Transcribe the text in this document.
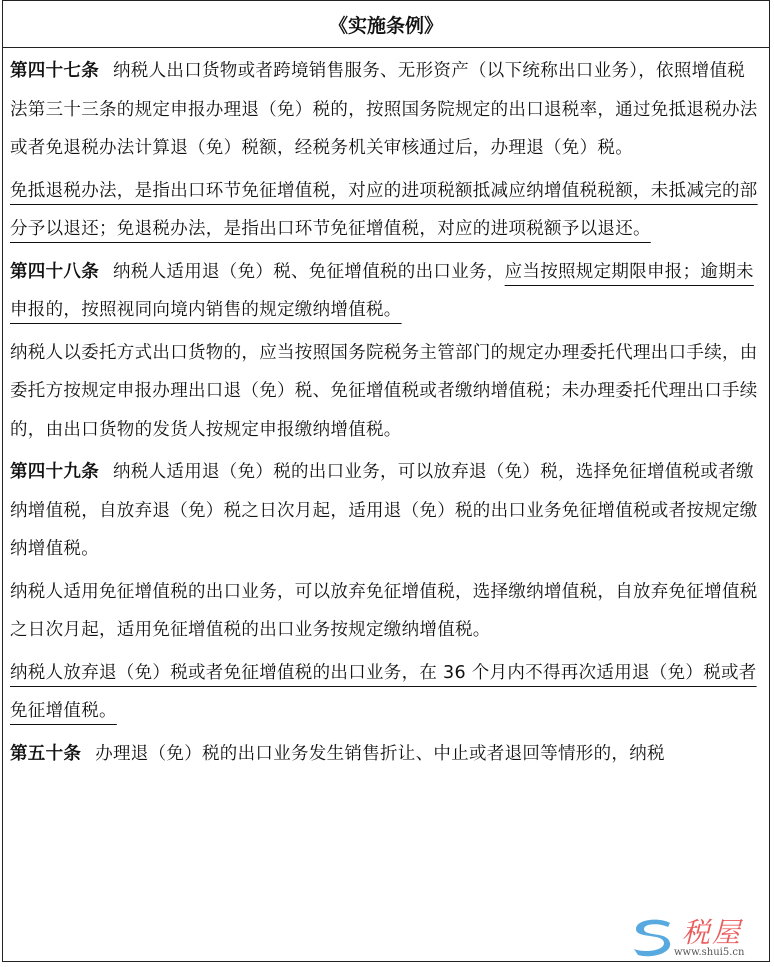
《实施条例》

第四十七条 纳税人出口货物或者跨境销售服务、无形资产（以下统称出口业务），依照增值税法第三十三条的规定申报办理退（免）税的，按照国务院规定的出口退税率，通过免抵退税办法或者免退税办法计算退（免）税额，经税务机关审核通过后，办理退（免）税。

免抵退税办法，是指出口环节免征增值税，对应的进项税额抵减应纳增值税税额，未抵减完的部分予以退还；免退税办法，是指出口环节免征增值税，对应的进项税额予以退还。

第四十八条 纳税人适用退（免）税、免征增值税的出口业务，应当按照规定期限申报；逾期未申报的，按照视同向境内销售的规定缴纳增值税。

纳税人以委托方式出口货物的，应当按照国务院税务主管部门的规定办理委托代理出口手续，由委托方按规定申报办理出口退（免）税、免征增值税或者缴纳增值税；未办理委托代理出口手续的，由出口货物的发货人按规定申报缴纳增值税。

第四十九条 纳税人适用退（免）税的出口业务，可以放弃退（免）税，选择免征增值税或者缴纳增值税，自放弃退（免）税之日次月起，适用退（免）税的出口业务免征增值税或者按规定缴纳增值税。

纳税人适用免征增值税的出口业务，可以放弃免征增值税，选择缴纳增值税，自放弃免征增值税之日次月起，适用免征增值税的出口业务按规定缴纳增值税。

纳税人放弃退（免）税或者免征增值税的出口业务，在 36 个月内不得再次适用退（免）税或者免征增值税。

第五十条 办理退（免）税的出口业务发生销售折让、中止或者退回等情形的，纳税

税屋
www.shui5.cn
